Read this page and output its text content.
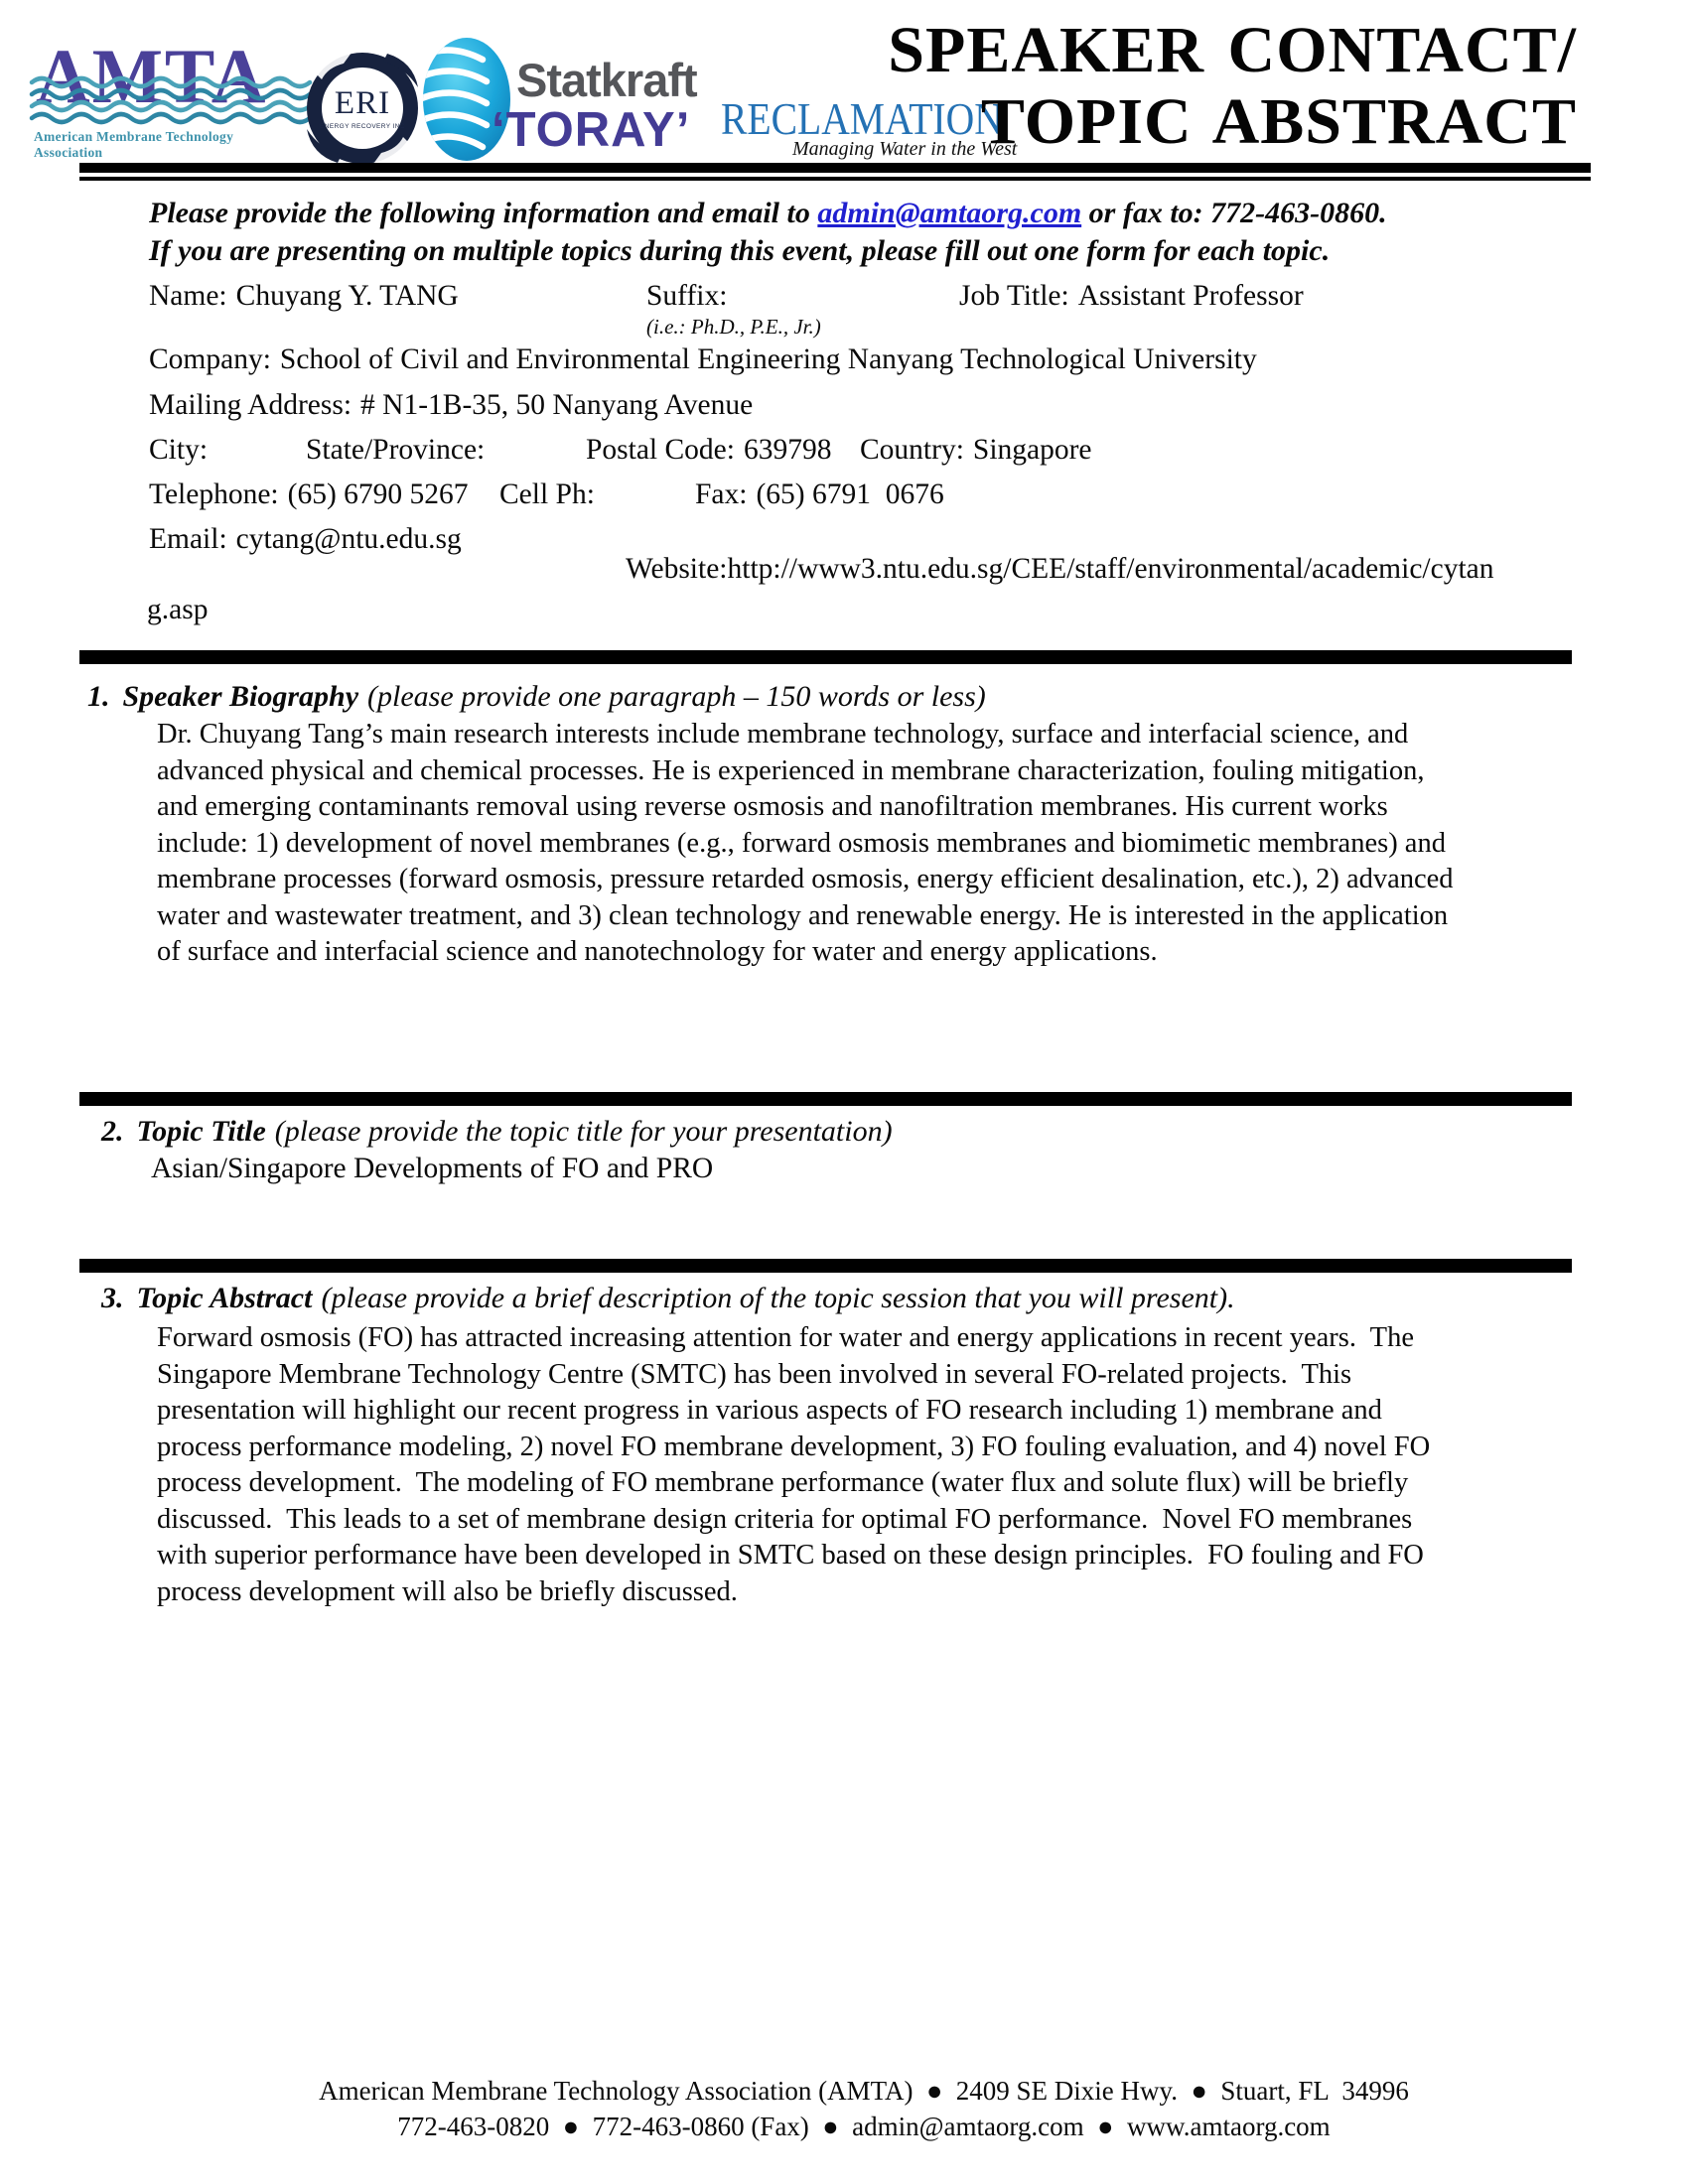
AMTA
American Membrane Technology Association
ERI
ENERGY RECOVERY INC
Statkraft
‘TORAY’ RECLAMATION
Managing Water in the West
SPEAKER CONTACT/
TOPIC ABSTRACT
Please provide the following information and email to admin@amtaorg.com or fax to: 772-463-0860.
If you are presenting on multiple topics during this event, please fill out one form for each topic.
Name: Chuyang Y. TANG	Suffix:	Job Title: Assistant Professor
(i.e.: Ph.D., P.E., Jr.)
Company: School of Civil and Environmental Engineering Nanyang Technological University
Mailing Address: # N1-1B-35, 50 Nanyang Avenue
City:	State/Province:	Postal Code: 639798 Country: Singapore
Telephone: (65) 6790 5267 Cell Ph:	Fax: (65) 6791  0676
Email: cytang@ntu.edu.sg
Website:http://www3.ntu.edu.sg/CEE/staff/environmental/academic/cytan
g.asp
1. Speaker Biography (please provide one paragraph – 150 words or less)
Dr. Chuyang Tang’s main research interests include membrane technology, surface and interfacial science, and
advanced physical and chemical processes. He is experienced in membrane characterization, fouling mitigation,
and emerging contaminants removal using reverse osmosis and nanofiltration membranes. His current works
include: 1) development of novel membranes (e.g., forward osmosis membranes and biomimetic membranes) and
membrane processes (forward osmosis, pressure retarded osmosis, energy efficient desalination, etc.), 2) advanced
water and wastewater treatment, and 3) clean technology and renewable energy. He is interested in the application
of surface and interfacial science and nanotechnology for water and energy applications.
2. Topic Title (please provide the topic title for your presentation)
Asian/Singapore Developments of FO and PRO
3. Topic Abstract (please provide a brief description of the topic session that you will present).
Forward osmosis (FO) has attracted increasing attention for water and energy applications in recent years.  The
Singapore Membrane Technology Centre (SMTC) has been involved in several FO-related projects.  This
presentation will highlight our recent progress in various aspects of FO research including 1) membrane and
process performance modeling, 2) novel FO membrane development, 3) FO fouling evaluation, and 4) novel FO
process development.  The modeling of FO membrane performance (water flux and solute flux) will be briefly
discussed.  This leads to a set of membrane design criteria for optimal FO performance.  Novel FO membranes
with superior performance have been developed in SMTC based on these design principles.  FO fouling and FO
process development will also be briefly discussed.
American Membrane Technology Association (AMTA)  ●  2409 SE Dixie Hwy.  ●  Stuart, FL  34996
772-463-0820  ●  772-463-0860 (Fax)  ●  admin@amtaorg.com  ●  www.amtaorg.com
